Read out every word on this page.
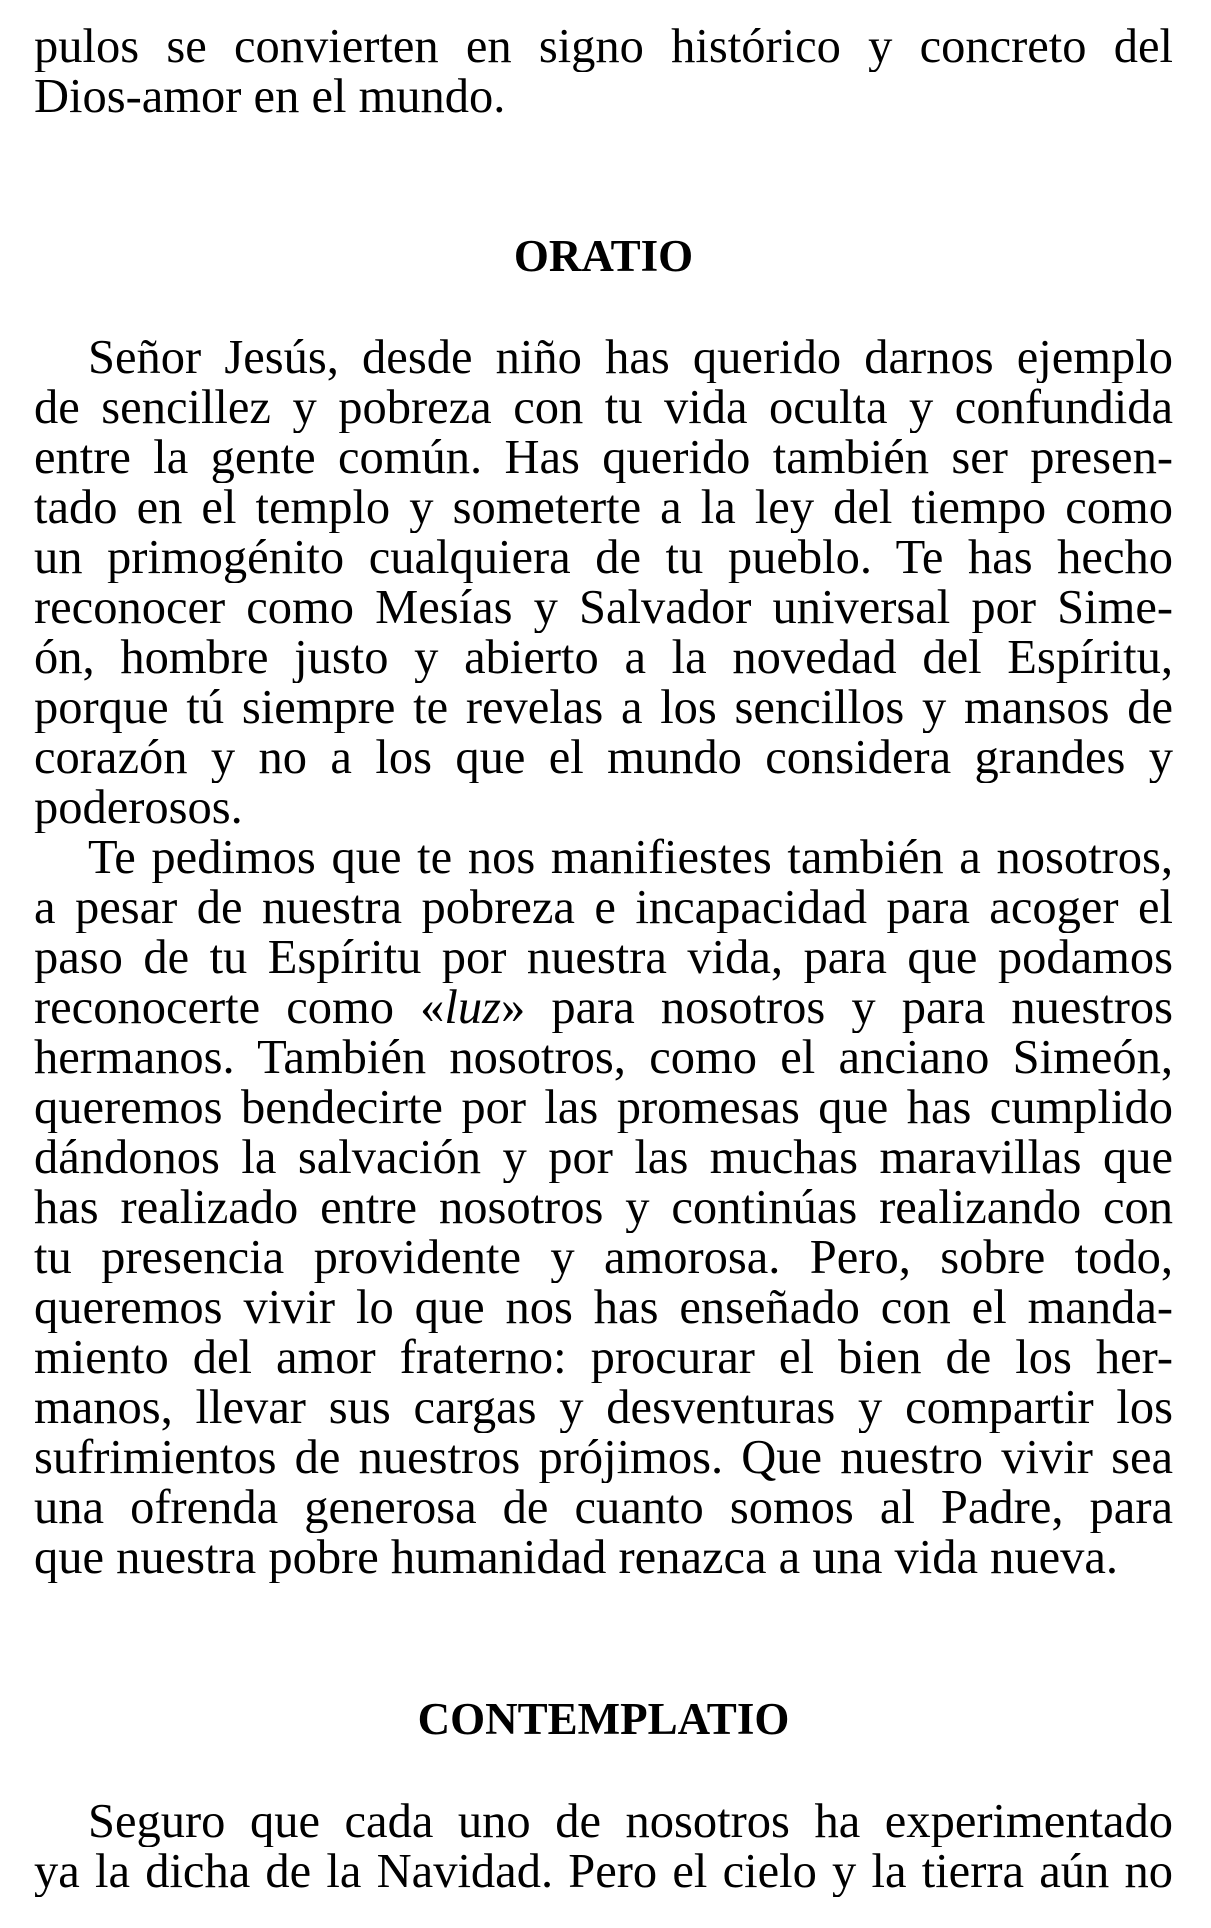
pulos se convierten en signo histórico y concreto del
Dios-amor en el mundo.
ORATIO
Señor Jesús, desde niño has querido darnos ejemplo
de sencillez y pobreza con tu vida oculta y confundida
entre la gente común. Has querido también ser presen-
tado en el templo y someterte a la ley del tiempo como
un primogénito cualquiera de tu pueblo. Te has hecho
reconocer como Mesías y Salvador universal por Sime-
ón, hombre justo y abierto a la novedad del Espíritu,
porque tú siempre te revelas a los sencillos y mansos de
corazón y no a los que el mundo considera grandes y
poderosos.
Te pedimos que te nos manifiestes también a nosotros,
a pesar de nuestra pobreza e incapacidad para acoger el
paso de tu Espíritu por nuestra vida, para que podamos
reconocerte como «luz» para nosotros y para nuestros
hermanos. También nosotros, como el anciano Simeón,
queremos bendecirte por las promesas que has cumplido
dándonos la salvación y por las muchas maravillas que
has realizado entre nosotros y continúas realizando con
tu presencia providente y amorosa. Pero, sobre todo,
queremos vivir lo que nos has enseñado con el manda-
miento del amor fraterno: procurar el bien de los her-
manos, llevar sus cargas y desventuras y compartir los
sufrimientos de nuestros prójimos. Que nuestro vivir sea
una ofrenda generosa de cuanto somos al Padre, para
que nuestra pobre humanidad renazca a una vida nueva.
CONTEMPLATIO
Seguro que cada uno de nosotros ha experimentado
ya la dicha de la Navidad. Pero el cielo y la tierra aún no
